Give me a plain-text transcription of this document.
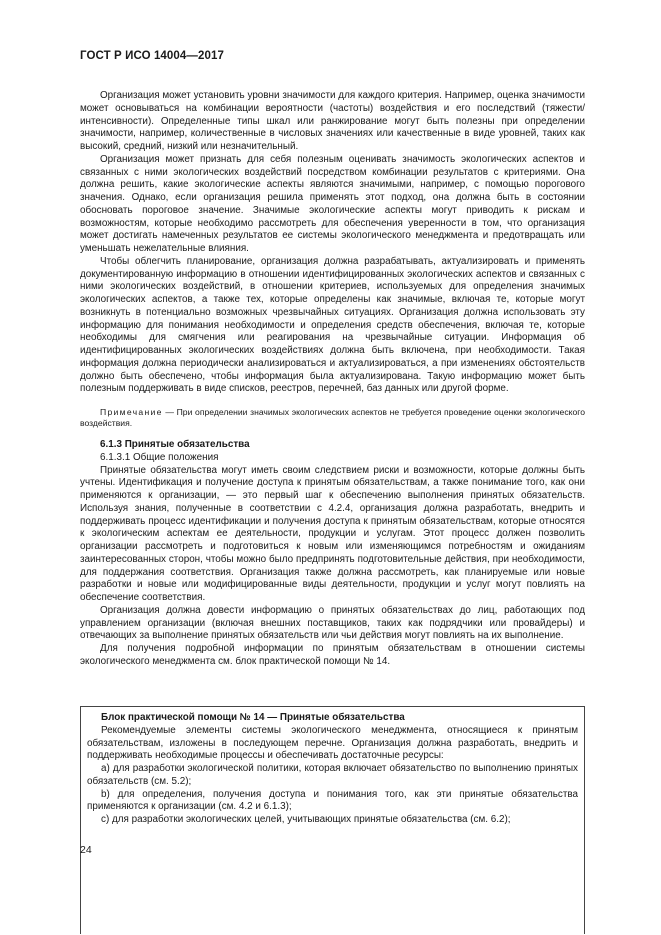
ГОСТ Р ИСО 14004—2017

Организация может установить уровни значимости для каждого критерия. Например, оценка значимости может основываться на комбинации вероятности (частоты) воздействия и его последствий (тяжести/интенсивности). Определенные типы шкал или ранжирование могут быть полезны при определении значимости, например, количественные в числовых значениях или качественные в виде уровней, таких как высокий, средний, низкий или незначительный.

Организация может признать для себя полезным оценивать значимость экологических аспектов и связанных с ними экологических воздействий посредством комбинации результатов с критериями. Она должна решить, какие экологические аспекты являются значимыми, например, с помощью порогового значения. Однако, если организация решила применять этот подход, она должна быть в состоянии обосновать пороговое значение. Значимые экологические аспекты могут приводить к рискам и возможностям, которые необходимо рассмотреть для обеспечения уверенности в том, что организация может достигать намеченных результатов ее системы экологического менеджмента и предотвращать или уменьшать нежелательные влияния.

Чтобы облегчить планирование, организация должна разрабатывать, актуализировать и применять документированную информацию в отношении идентифицированных экологических аспектов и связанных с ними экологических воздействий, в отношении критериев, используемых для определения значимых экологических аспектов, а также тех, которые определены как значимые, включая те, которые могут возникнуть в потенциально возможных чрезвычайных ситуациях. Организация должна использовать эту информацию для понимания необходимости и определения средств обеспечения, включая те, которые необходимы для смягчения или реагирования на чрезвычайные ситуации. Информация об идентифицированных экологических воздействиях должна быть включена, при необходимости. Такая информация должна периодически анализироваться и актуализироваться, а при изменениях обстоятельств должно быть обеспечено, чтобы информация была актуализирована. Такую информацию может быть полезным поддерживать в виде списков, реестров, перечней, баз данных или другой форме.

Примечание — При определении значимых экологических аспектов не требуется проведение оценки экологического воздействия.

6.1.3 Принятые обязательства

6.1.3.1 Общие положения

Принятые обязательства могут иметь своим следствием риски и возможности, которые должны быть учтены. Идентификация и получение доступа к принятым обязательствам, а также понимание того, как они применяются к организации, — это первый шаг к обеспечению выполнения принятых обязательств. Используя знания, полученные в соответствии с 4.2.4, организация должна разработать, внедрить и поддерживать процесс идентификации и получения доступа к принятым обязательствам, которые относятся к экологическим аспектам ее деятельности, продукции и услугам. Этот процесс должен позволить организации рассмотреть и подготовиться к новым или изменяющимся потребностям и ожиданиям заинтересованных сторон, чтобы можно было предпринять подготовительные действия, при необходимости, для поддержания соответствия. Организация также должна рассмотреть, как планируемые или новые разработки и новые или модифицированные виды деятельности, продукции и услуг могут повлиять на обеспечение соответствия.

Организация должна довести информацию о принятых обязательствах до лиц, работающих под управлением организации (включая внешних поставщиков, таких как подрядчики или провайдеры) и отвечающих за выполнение принятых обязательств или чьи действия могут повлиять на их выполнение.

Для получения подробной информации по принятым обязательствам в отношении системы экологического менеджмента см. блок практической помощи № 14.

Блок практической помощи № 14 — Принятые обязательства

Рекомендуемые элементы системы экологического менеджмента, относящиеся к принятым обязательствам, изложены в последующем перечне. Организация должна разработать, внедрить и поддерживать необходимые процессы и обеспечивать достаточные ресурсы:

а) для разработки экологической политики, которая включает обязательство по выполнению принятых обязательств (см. 5.2);

b) для определения, получения доступа и понимания того, как эти принятые обязательства применяются к организации (см. 4.2 и 6.1.3);

с) для разработки экологических целей, учитывающих принятые обязательства (см. 6.2);

24
